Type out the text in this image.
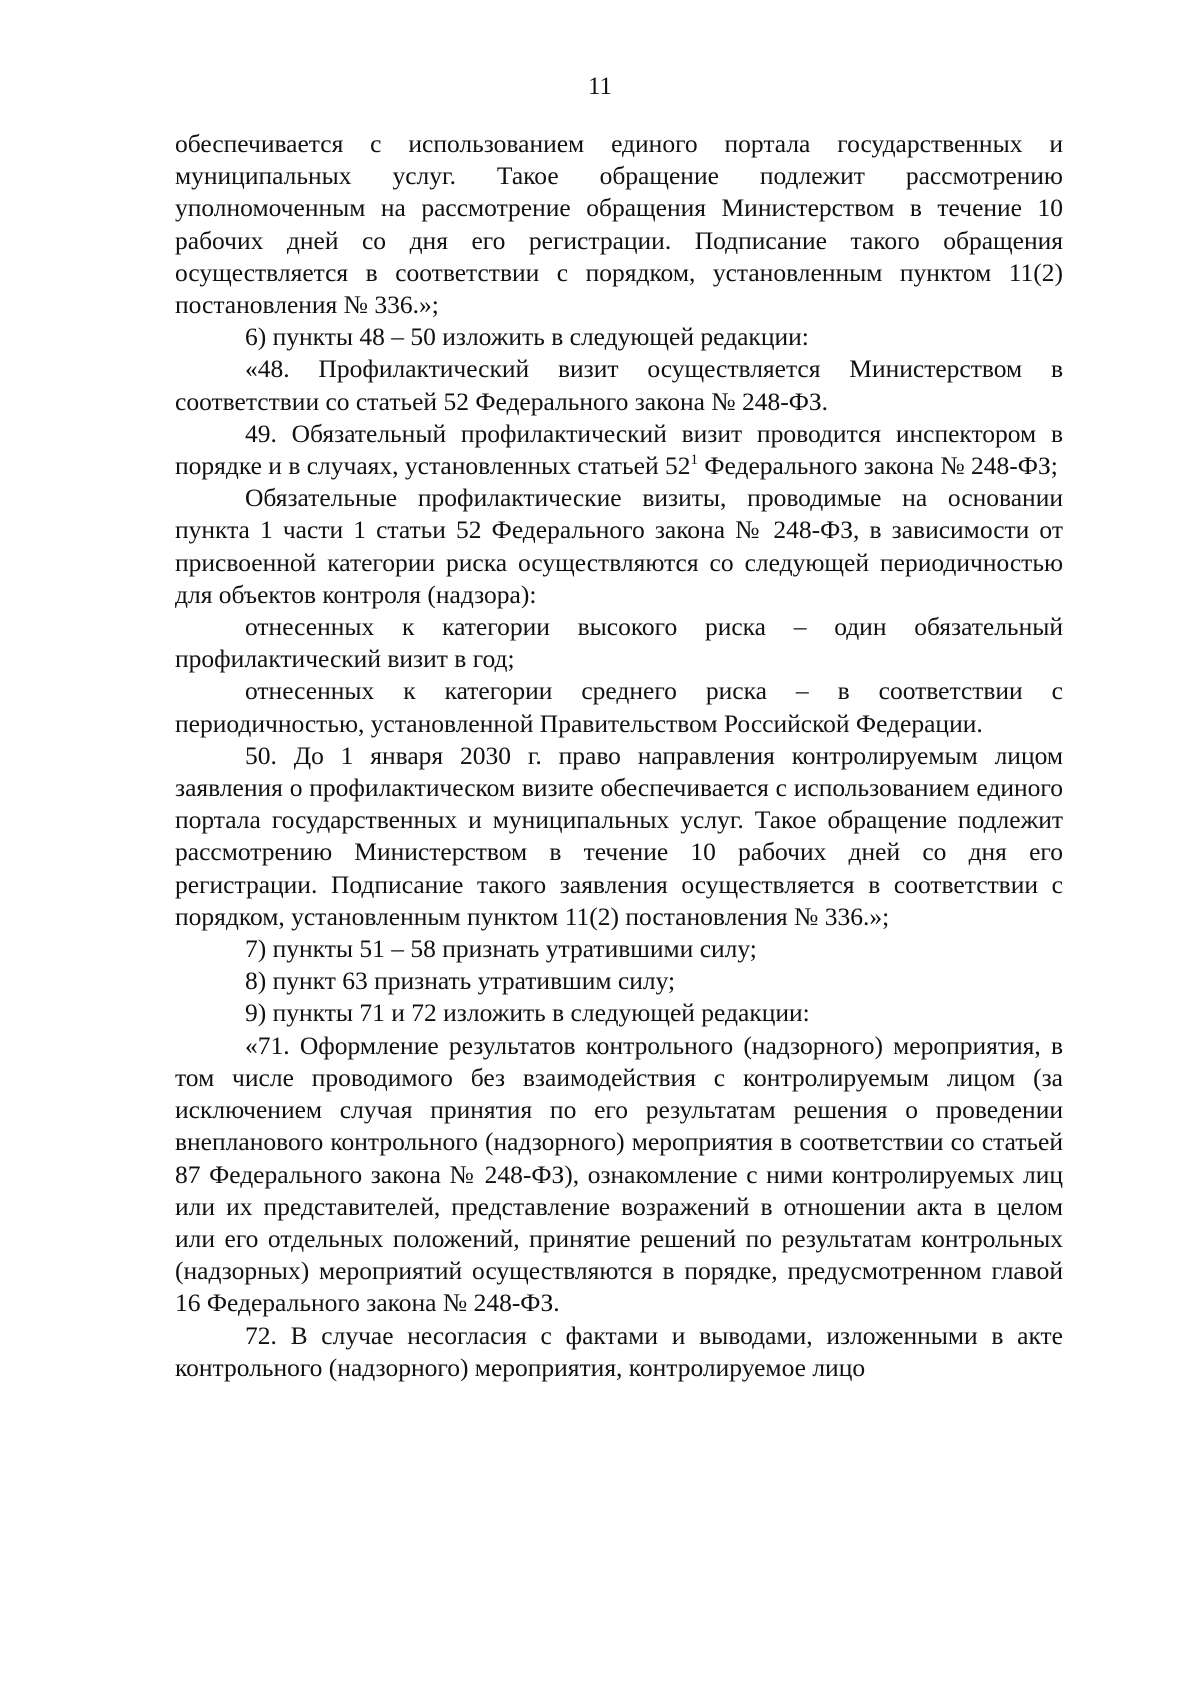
11

обеспечивается с использованием единого портала государственных и муниципальных услуг. Такое обращение подлежит рассмотрению уполномоченным на рассмотрение обращения Министерством в течение 10 рабочих дней со дня его регистрации. Подписание такого обращения осуществляется в соответствии с порядком, установленным пунктом 11(2) постановления № 336.»;

6) пункты 48 – 50 изложить в следующей редакции:

«48. Профилактический визит осуществляется Министерством в соответствии со статьей 52 Федерального закона № 248-ФЗ.

49. Обязательный профилактический визит проводится инспектором в порядке и в случаях, установленных статьей $52^1$ Федерального закона № 248-ФЗ;

Обязательные профилактические визиты, проводимые на основании пункта 1 части 1 статьи 52 Федерального закона № 248-ФЗ, в зависимости от присвоенной категории риска осуществляются со следующей периодичностью для объектов контроля (надзора):

отнесенных к категории высокого риска – один обязательный профилактический визит в год;

отнесенных к категории среднего риска – в соответствии с периодичностью, установленной Правительством Российской Федерации.

50. До 1 января 2030 г. право направления контролируемым лицом заявления о профилактическом визите обеспечивается с использованием единого портала государственных и муниципальных услуг. Такое обращение подлежит рассмотрению Министерством в течение 10 рабочих дней со дня его регистрации. Подписание такого заявления осуществляется в соответствии с порядком, установленным пунктом 11(2) постановления № 336.»;

7) пункты 51 – 58 признать утратившими силу;

8) пункт 63 признать утратившим силу;

9) пункты 71 и 72 изложить в следующей редакции:

«71. Оформление результатов контрольного (надзорного) мероприятия, в том числе проводимого без взаимодействия с контролируемым лицом (за исключением случая принятия по его результатам решения о проведении внепланового контрольного (надзорного) мероприятия в соответствии со статьей 87 Федерального закона № 248-ФЗ), ознакомление с ними контролируемых лиц или их представителей, представление возражений в отношении акта в целом или его отдельных положений, принятие решений по результатам контрольных (надзорных) мероприятий осуществляются в порядке, предусмотренном главой 16 Федерального закона № 248-ФЗ.

72. В случае несогласия с фактами и выводами, изложенными в акте контрольного (надзорного) мероприятия, контролируемое лицо
